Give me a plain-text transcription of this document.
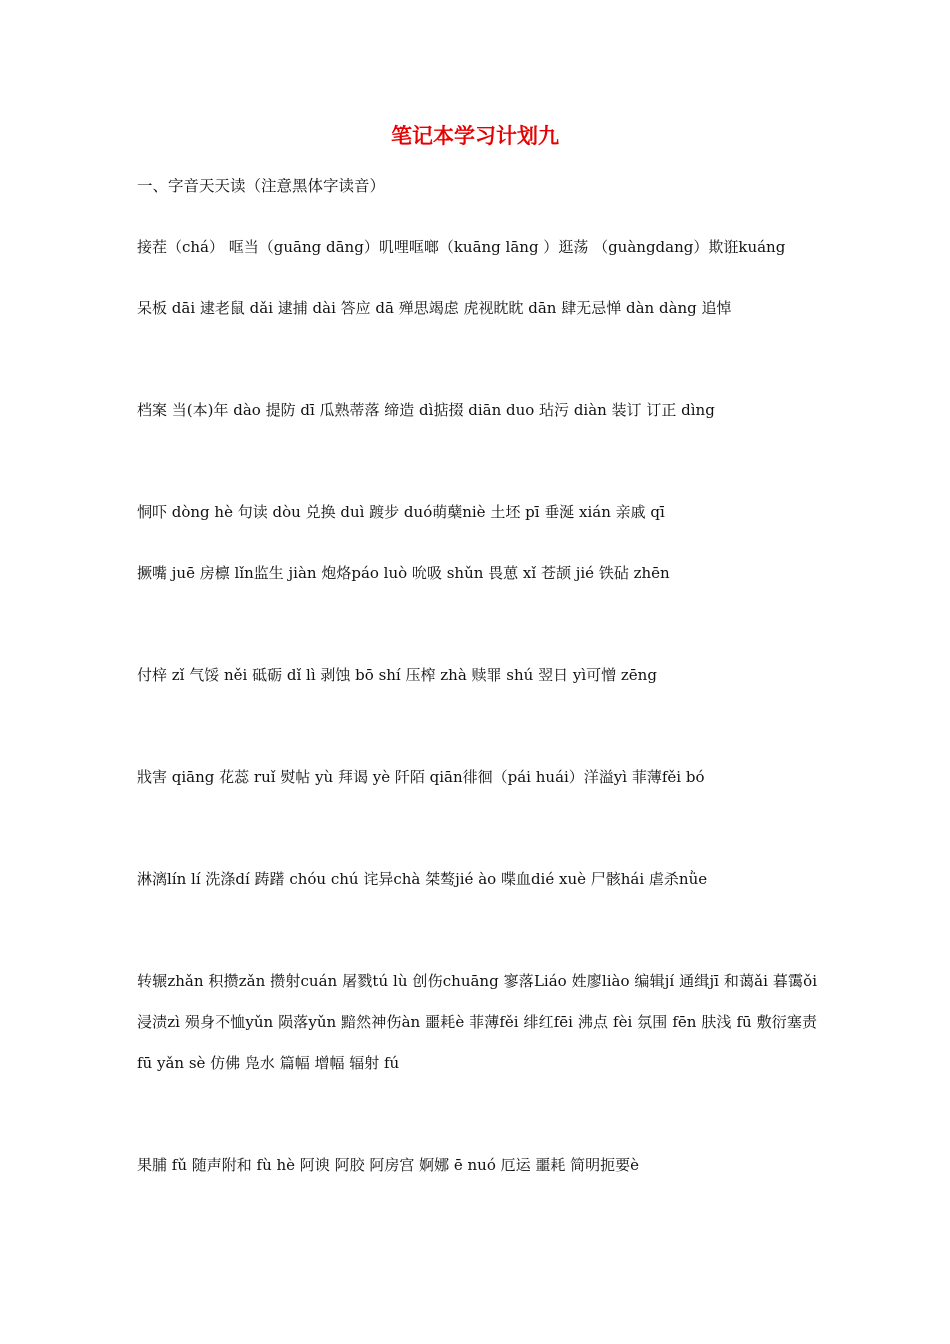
笔记本学习计划九
一、字音天天读（注意黑体字读音）
接茬（chá） 哐当（guāng dāng）叽哩哐啷（kuāng lāng ）逛荡 （guàngdang）欺诳kuáng
呆板 dāi 逮老鼠 dǎi 逮捕 dài 答应 dā 殚思竭虑 虎视眈眈 dān 肆无忌惮 dàn dàng 追悼
档案 当(本)年 dào 提防 dī 瓜熟蒂落 缔造 dì掂掇 diān duo 玷污 diàn 装订 订正 dìng
恫吓 dòng hè 句读 dòu 兑换 duì 踱步 duó萌蘖niè 土坯 pī 垂涎 xián 亲戚 qī
撅嘴 juē 房檩 lǐn监生 jiàn 炮烙páo luò 吮吸 shǔn 畏葸 xǐ 苍颉 jié 铁砧 zhēn
付梓 zǐ 气馁 něi 砥砺 dǐ lì 剥蚀 bō shí 压榨 zhà 赎罪 shú 翌日 yì可憎 zēng
戕害 qiāng 花蕊 ruǐ 熨帖 yù 拜谒 yè 阡陌 qiān徘徊（pái huái）洋溢yì 菲薄fěi bó
淋漓lín lí 洗涤dí 踌躇 chóu chú 诧异chà 桀骜jié ào 喋血dié xuè 尸骸hái 虐杀nǜe
转辗zhǎn 积攒zǎn 攒射cuán 屠戮tú lù 创伤chuāng 寥落Liáo 姓廖liào 编辑jí 通缉jī 和蔼ǎi 暮霭ǒi 浸渍zì 殒身不恤yǔn 陨落yǔn 黯然神伤àn 噩耗è 菲薄fěi 绯红fēi 沸点 fèi 氛围 fēn 肤浅 fū 敷衍塞责 fū yǎn sè 仿佛 凫水 篇幅 增幅 辐射 fú
果脯 fǔ 随声附和 fù hè 阿谀 阿胶 阿房宫 婀娜 ē nuó 厄运 噩耗 简明扼要è
